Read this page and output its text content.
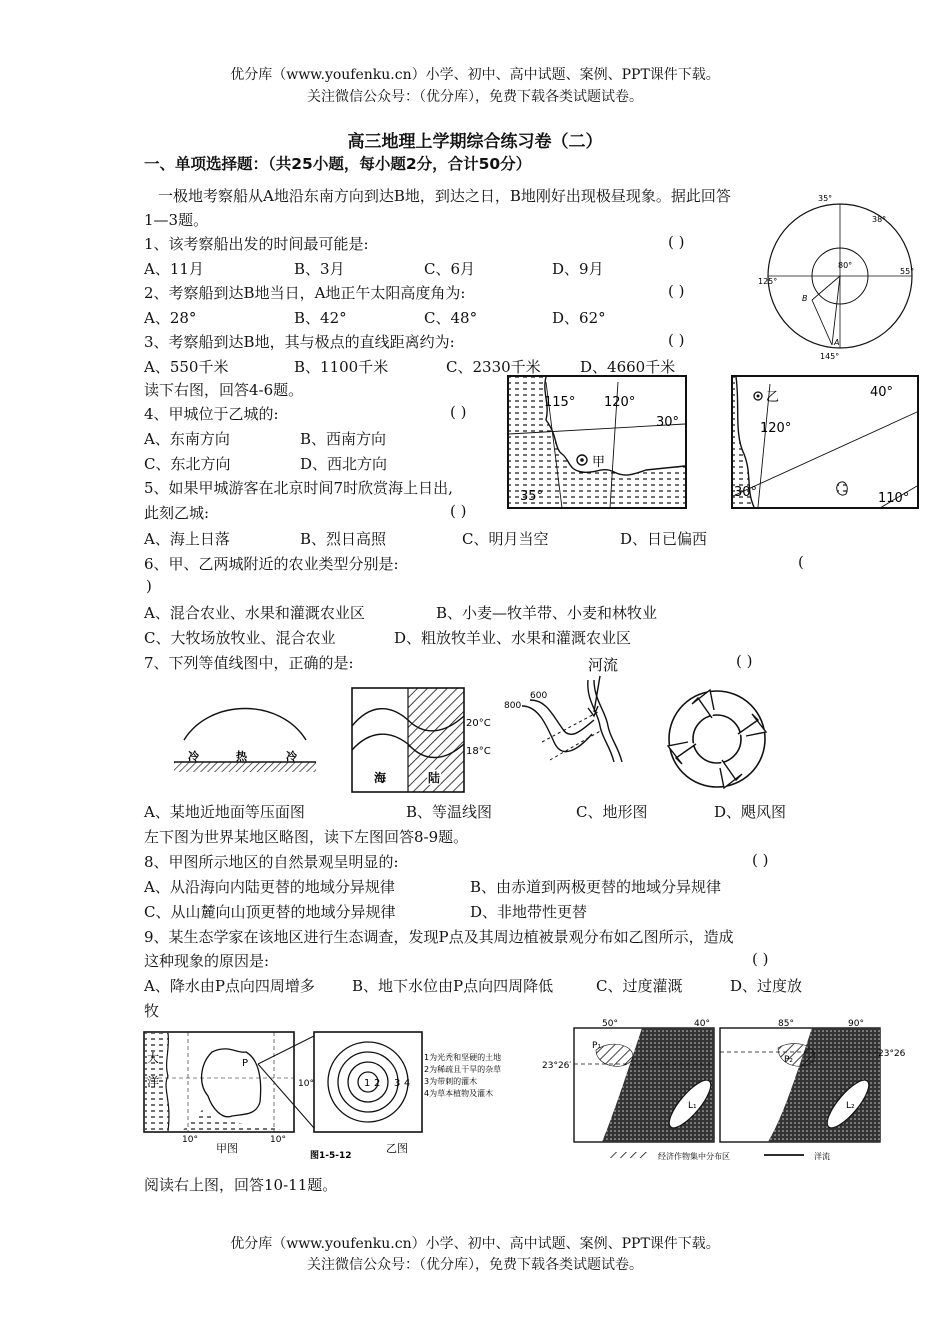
优分库（www.youfenku.cn）小学、初中、高中试题、案例、PPT课件下载。
关注微信公众号：（优分库），免费下载各类试题试卷。
高三地理上学期综合练习卷（二）
一、单项选择题：（共25小题，每小题2分，合计50分）
一极地考察船从A地沿东南方向到达B地，到达之日，B地刚好出现极昼现象。据此回答
1—3题。
1、该考察船出发的时间最可能是:	( )
A、11月	B、3月	C、6月	D、9月
2、考察船到达B地当日，A地正午太阳高度角为:	( )
A、28°	B、42°	C、48°	D、62°
3、考察船到达B地，其与极点的直线距离约为:	( )
A、550千米	B、1100千米	C、2330千米	D、4660千米
35°
38°
80°
55°
125°
145°
A
B
读下右图，回答4-6题。
4、甲城位于乙城的:	( )
A、东南方向	B、西南方向
C、东北方向	D、西北方向
5、如果甲城游客在北京时间7时欣赏海上日出,
此刻乙城:	( )
A、海上日落	B、烈日高照	C、明月当空	D、日已偏西
115° 120°
30°
35°
甲
40°
120°
30°	110°
乙
6、甲、乙两城附近的农业类型分别是:	(
)
A、混合农业、水果和灌溉农业区	B、小麦—牧羊带、小麦和林牧业
C、大牧场放牧业、混合农业	D、粗放牧羊业、水果和灌溉农业区
7、下列等值线图中，正确的是:	( )
冷	热	冷
20°C
18°C
海	陆
河流
600
800
A、某地近地面等压面图	B、等温线图	C、地形图	D、飓风图
左下图为世界某地区略图，读下左图回答8-9题。
8、甲图所示地区的自然景观呈明显的:	( )
A、从沿海向内陆更替的地域分异规律	B、由赤道到两极更替的地域分异规律
C、从山麓向山顶更替的地域分异规律	D、非地带性更替
9、某生态学家在该地区进行生态调查，发现P点及其周边植被景观分布如乙图所示，造成
这种现象的原因是:	( )
A、降水由P点向四周增多 B、地下水位由P点向四周降低	C、过度灌溉	D、过度放
牧
1 2 3 4
1为光秃和坚硬的土地
2为稀疏且干旱的杂草
3为带刺的灌木
4为草本植物及灌木
大
洋
P
10°
10°	10°
甲图	乙图
图1-5-12
50°	40°
23°26′
P₁
L₁
85°	90°
23°26
P₂
L₂
经济作物集中分布区	洋流
阅读右上图，回答10-11题。
优分库（www.youfenku.cn）小学、初中、高中试题、案例、PPT课件下载。
关注微信公众号：（优分库），免费下载各类试题试卷。
